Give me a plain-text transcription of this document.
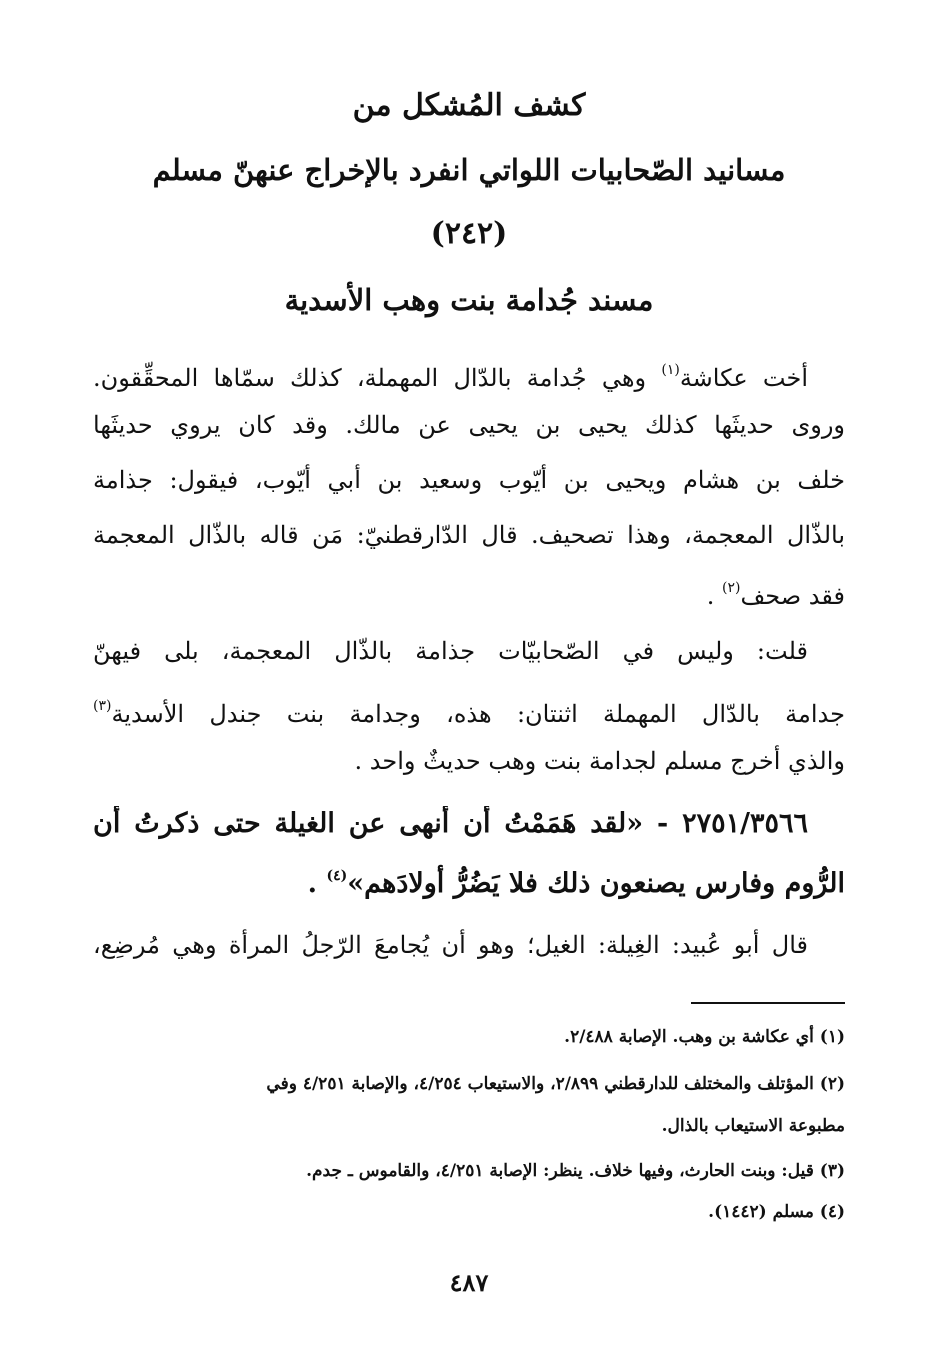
كشف المُشكل من
مسانيد الصّحابيات اللواتي انفرد بالإخراج عنهنّ مسلم
(٢٤٢)
مسند جُدامة بنت وهب الأسدية
أخت عكاشة$^{(١)}$ وهي جُدامة بالدّال المهملة، كذلك سمّاها المحقِّقون.
وروى حديثَها كذلك يحيى بن يحيى عن مالك. وقد كان يروي حديثَها
خلف بن هشام ويحيى بن أيّوب وسعيد بن أبي أيّوب، فيقول: جذامة
بالذّال المعجمة، وهذا تصحيف. قال الدّارقطنيّ: مَن قاله بالذّال المعجمة
فقد صحف$^{(٢)}$ .
قلت: وليس في الصّحابيّات جذامة بالذّال المعجمة، بلى فيهنّ
جدامة بالدّال المهملة اثنتان: هذه، وجدامة بنت جندل الأسدية$^{(٣)}$
والذي أخرج مسلم لجدامة بنت وهب حديثٌ واحد .
٢٧٥١/٣٥٦٦ - «لقد هَمَمْتُ أن أنهى عن الغيلة حتى ذكرتُ أن
الرُّوم وفارس يصنعون ذلك فلا يَضُرُّ أولادَهم»$^{(٤)}$ .
قال أبو عُبيد: الغِيلة: الغيل؛ وهو أن يُجامعَ الرّجلُ المرأة وهي مُرضِع،
(١) أي عكاشة بن وهب. الإصابة ٢/٤٨٨.
(٢) المؤتلف والمختلف للدارقطني ٢/٨٩٩، والاستيعاب ٤/٢٥٤، والإصابة ٤/٢٥١ وفي
مطبوعة الاستيعاب بالذال.
(٣) قيل: وبنت الحارث، وفيها خلاف. ينظر: الإصابة ٤/٢٥١، والقاموس ـ جدم.
(٤) مسلم (١٤٤٢).
٤٨٧
